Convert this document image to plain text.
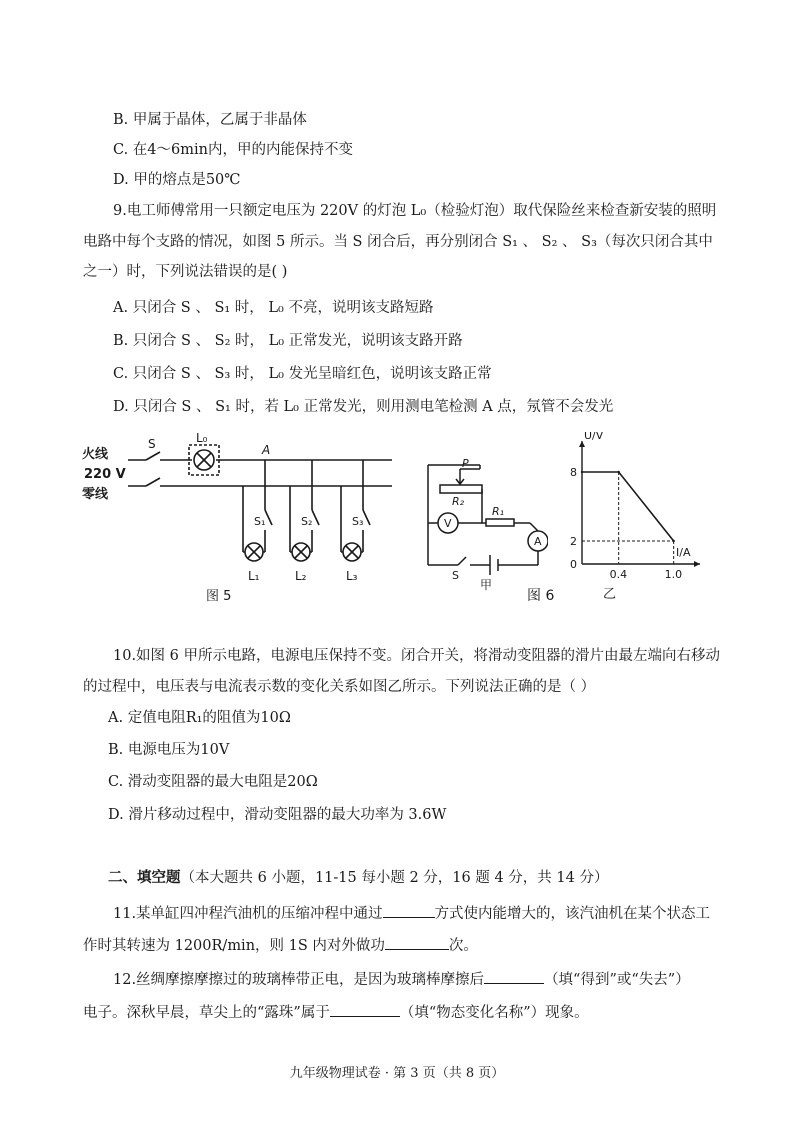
B. 甲属于晶体，乙属于非晶体
C. 在4～6min内，甲的内能保持不变
D. 甲的熔点是50℃
9.电工师傅常用一只额定电压为 220V 的灯泡 L₀（检验灯泡）取代保险丝来检查新安装的照明
电路中每个支路的情况，如图 5 所示。当 S 闭合后，再分别闭合 S₁ 、 S₂ 、 S₃（每次只闭合其中
之一）时，下列说法错误的是( )
A. 只闭合 S 、 S₁ 时， L₀ 不亮，说明该支路短路
B. 只闭合 S 、 S₂ 时， L₀ 正常发光，说明该支路开路
C. 只闭合 S 、 S₃ 时， L₀ 发光呈暗红色，说明该支路正常
D. 只闭合 S 、 S₁ 时，若 L₀ 正常发光，则用测电笔检测 A 点，氖管不会发光
火线
220 V
零线
S	L₀
A
S₁	S₂	S₃
L₁	L₂	L₃
图 5
P
R₂
V
R₁
A
S
甲
U/V
I/A
0
8
2
0.4	1.0
乙
图 6
10.如图 6 甲所示电路，电源电压保持不变。闭合开关，将滑动变阻器的滑片由最左端向右移动
的过程中，电压表与电流表示数的变化关系如图乙所示。下列说法正确的是（ ）
A. 定值电阻R₁的阻值为10Ω
B. 电源电压为10V
C. 滑动变阻器的最大电阻是20Ω
D. 滑片移动过程中，滑动变阻器的最大功率为 3.6W
二、填空题（本大题共 6 小题，11-15 每小题 2 分，16 题 4 分，共 14 分）
11.某单缸四冲程汽油机的压缩冲程中通过	方式使内能增大的，该汽油机在某个状态工
作时其转速为 1200R/min，则 1S 内对外做功	次。
12.丝绸摩擦摩擦过的玻璃棒带正电，是因为玻璃棒摩擦后	（填“得到”或“失去”）
电子。深秋早晨，草尖上的“露珠”属于	（填“物态变化名称”）现象。
九年级物理试卷 · 第 3 页（共 8 页）
